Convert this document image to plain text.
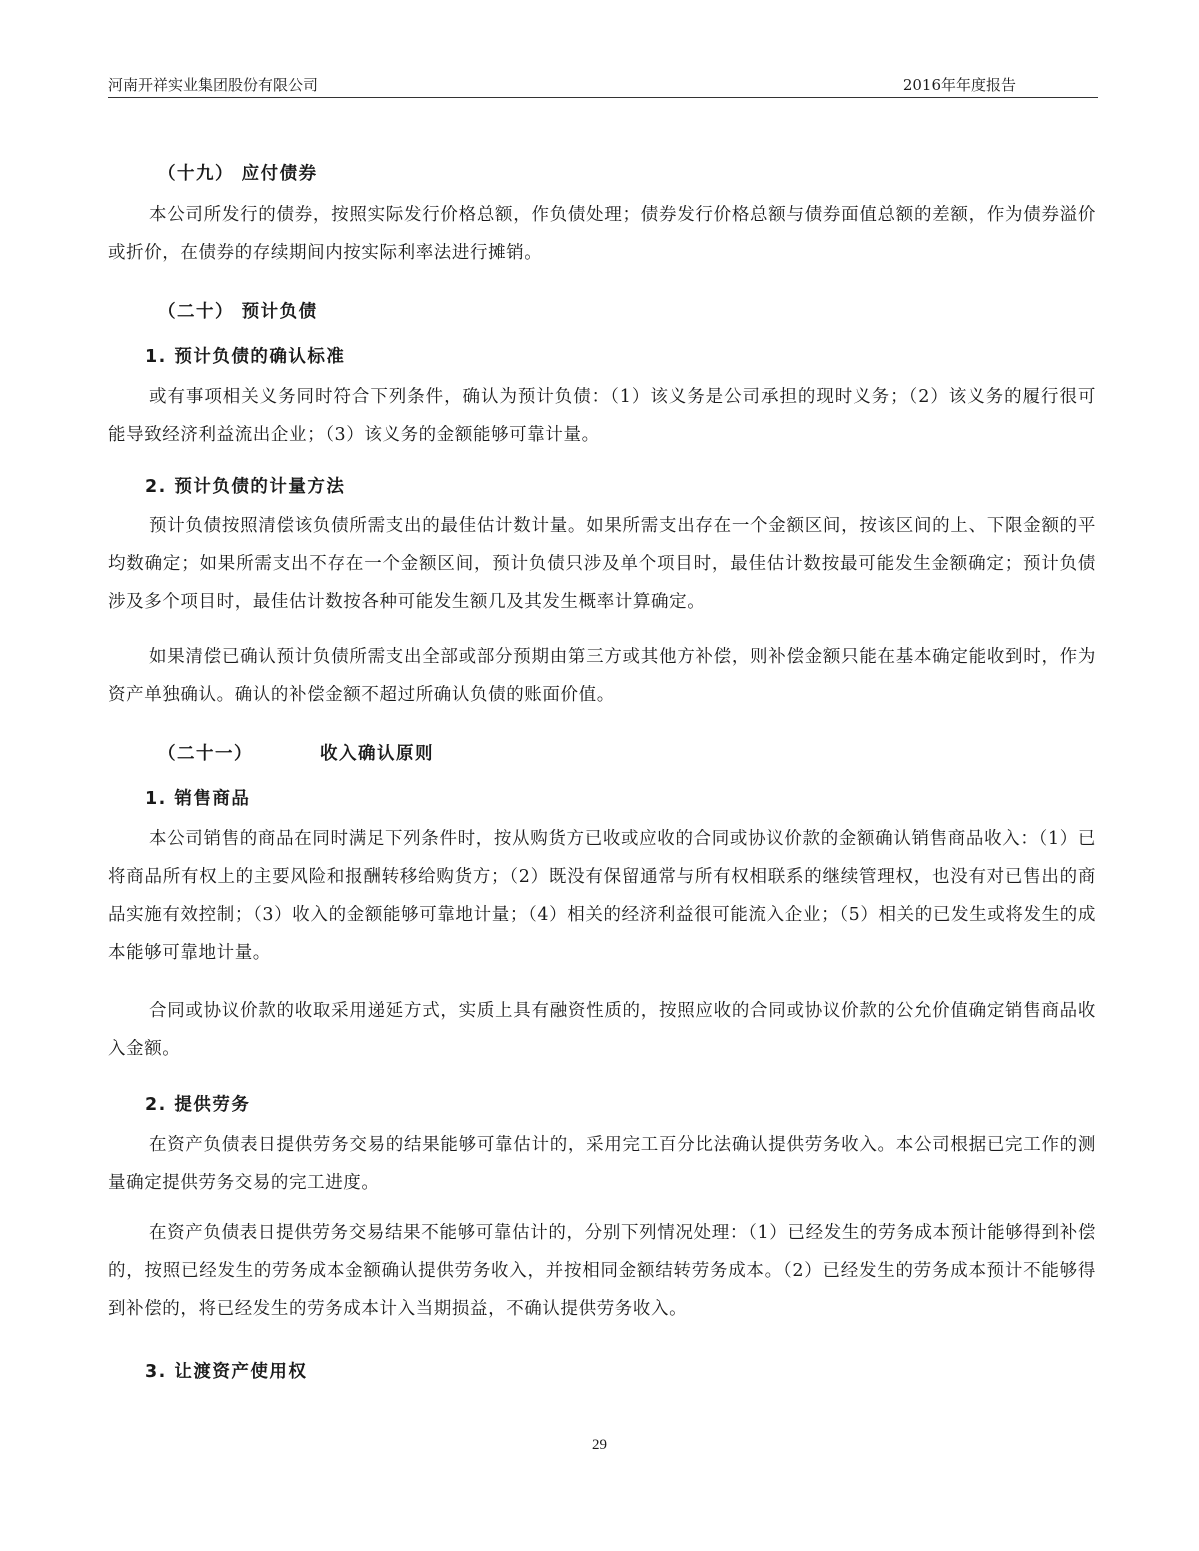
河南开祥实业集团股份有限公司	2016年年度报告
（十九） 应付债券

本公司所发行的债券，按照实际发行价格总额，作负债处理；债券发行价格总额与债券面值总额的差额，作为债券溢价或折价，在债券的存续期间内按实际利率法进行摊销。

（二十） 预计负债
1. 预计负债的确认标准

或有事项相关义务同时符合下列条件，确认为预计负债：（1）该义务是公司承担的现时义务；（2）该义务的履行很可能导致经济利益流出企业；（3）该义务的金额能够可靠计量。

2. 预计负债的计量方法

预计负债按照清偿该负债所需支出的最佳估计数计量。如果所需支出存在一个金额区间，按该区间的上、下限金额的平均数确定；如果所需支出不存在一个金额区间，预计负债只涉及单个项目时，最佳估计数按最可能发生金额确定；预计负债涉及多个项目时，最佳估计数按各种可能发生额几及其发生概率计算确定。

如果清偿已确认预计负债所需支出全部或部分预期由第三方或其他方补偿，则补偿金额只能在基本确定能收到时，作为资产单独确认。确认的补偿金额不超过所确认负债的账面价值。

（二十一）	收入确认原则
1. 销售商品

本公司销售的商品在同时满足下列条件时，按从购货方已收或应收的合同或协议价款的金额确认销售商品收入：（1）已将商品所有权上的主要风险和报酬转移给购货方；（2）既没有保留通常与所有权相联系的继续管理权，也没有对已售出的商品实施有效控制；（3）收入的金额能够可靠地计量；（4）相关的经济利益很可能流入企业；（5）相关的已发生或将发生的成本能够可靠地计量。

合同或协议价款的收取采用递延方式，实质上具有融资性质的，按照应收的合同或协议价款的公允价值确定销售商品收入金额。

2. 提供劳务

在资产负债表日提供劳务交易的结果能够可靠估计的，采用完工百分比法确认提供劳务收入。本公司根据已完工作的测量确定提供劳务交易的完工进度。

在资产负债表日提供劳务交易结果不能够可靠估计的，分别下列情况处理：（1）已经发生的劳务成本预计能够得到补偿的，按照已经发生的劳务成本金额确认提供劳务收入，并按相同金额结转劳务成本。（2）已经发生的劳务成本预计不能够得到补偿的，将已经发生的劳务成本计入当期损益，不确认提供劳务收入。

3. 让渡资产使用权
29
